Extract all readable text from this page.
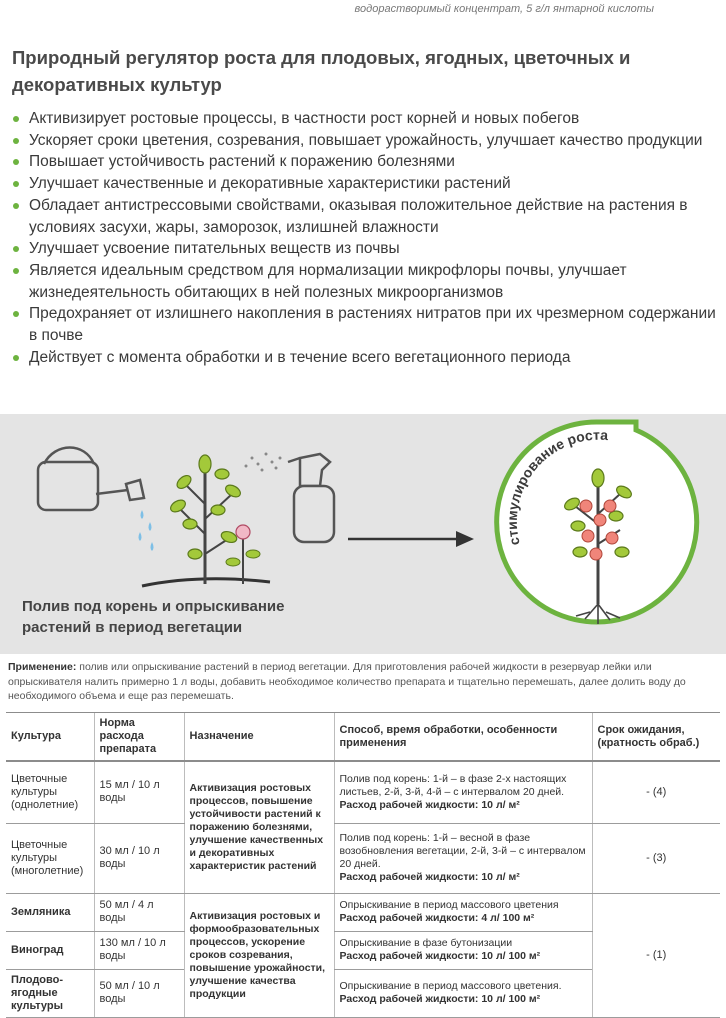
водорастворимый концентрат, 5 г/л янтарной кислоты
Природный регулятор роста для плодовых, ягодных, цветочных и декоративных культур
Активизирует ростовые процессы, в частности рост корней и новых побегов
Ускоряет сроки цветения, созревания, повышает урожайность, улучшает качество продукции
Повышает устойчивость растений к поражению болезнями
Улучшает качественные и декоративные характеристики растений
Обладает антистрессовыми свойствами, оказывая положительное действие на растения в условиях засухи, жары, заморозок, излишней влажности
Улучшает усвоение питательных веществ из почвы
Является идеальным средством для нормализации микрофлоры почвы, улучшает жизнедеятельность обитающих в ней полезных микроорганизмов
Предохраняет от излишнего накопления в растениях нитратов при их чрезмерном содержании в почве
Действует с момента обработки и в течение всего вегетационного периода
стимулирование роста
Полив под корень и опрыскивание растений в период вегетации
Применение: полив или опрыскивание растений в период вегетации. Для приготовления рабочей жидкости в резервуар лейки или опрыскивателя налить примерно 1 л воды, добавить необходимое количество препарата и тщательно перемешать, далее долить воду до необходимого объема и еще раз перемешать.
Культура	Норма расхода препарата	Назначение	Способ, время обработки, особенности применения	Срок ожидания, (кратность обраб.)
Цветочные культуры (однолетние)	15 мл / 10 л воды	Активизация ростовых процессов, повышение устойчивости растений к поражению болезнями, улучшение качественных и декоративных характеристик растений	Полив под корень: 1-й – в фазе 2-х настоящих листьев, 2-й, 3-й, 4-й – с интервалом 20 дней.
Расход рабочей жидкости: 10 л/ м²	- (4)
Цветочные культуры (многолетние)	30 мл / 10 л воды		Полив под корень: 1-й – весной в фазе возобновления вегетации, 2-й, 3-й – с интервалом 20 дней.
Расход рабочей жидкости: 10 л/ м²	- (3)
Земляника	50 мл / 4 л воды	Активизация ростовых и формообразовательных процессов, ускорение сроков созревания, повышение урожайности, улучшение качества продукции	Опрыскивание в период массового цветения
Расход рабочей жидкости: 4 л/ 100 м²	- (1)
Виноград	130 мл / 10 л воды		Опрыскивание в фазе бутонизации
Расход рабочей жидкости: 10 л/ 100 м²	

Плодово-ягодные культуры	50 мл / 10 л воды		Опрыскивание в период массового цветения.
Расход рабочей жидкости: 10 л/ 100 м²	
